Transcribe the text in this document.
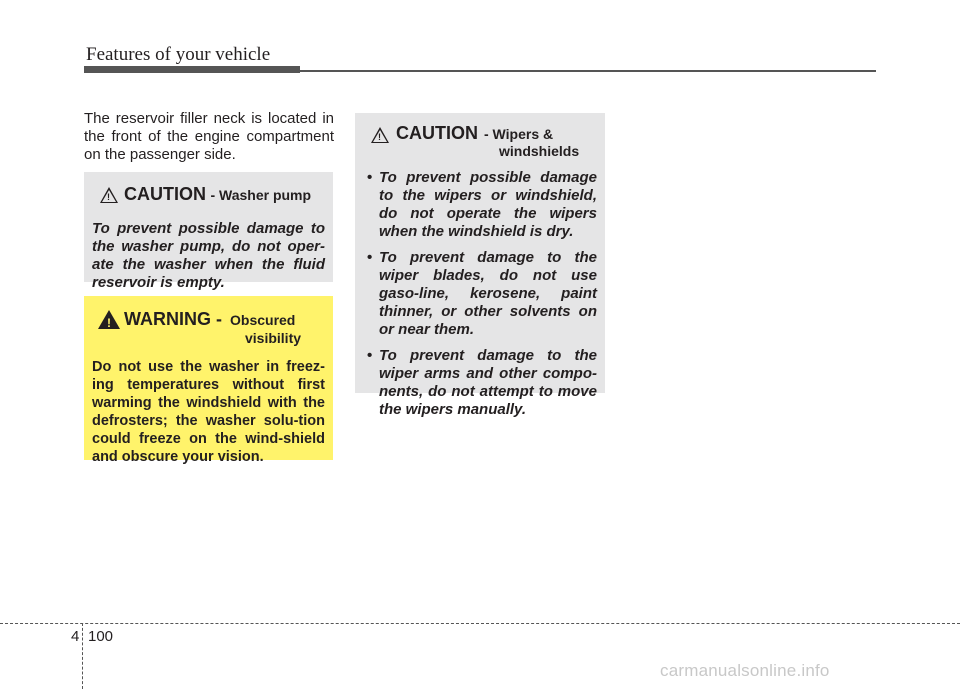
Features of your vehicle
The reservoir filler neck is located in the front of the engine compartment on the passenger side.
! CAUTION - Washer pump
To prevent possible damage to the washer pump, do not oper-ate the washer when the fluid reservoir is empty.
! WARNING - Obscured
visibility
Do not use the washer in freez-ing temperatures without first warming the windshield with the defrosters; the washer solu-tion could freeze on the wind-shield and obscure your vision.
! CAUTION - Wipers &
windshields
• To prevent possible damage to the wipers or windshield, do not operate the wipers when the windshield is dry.
• To prevent damage to the wiper blades, do not use gaso-line, kerosene, paint thinner, or other solvents on or near them.
• To prevent damage to the wiper arms and other compo-nents, do not attempt to move the wipers manually.
4 100
carmanualsonline.info
